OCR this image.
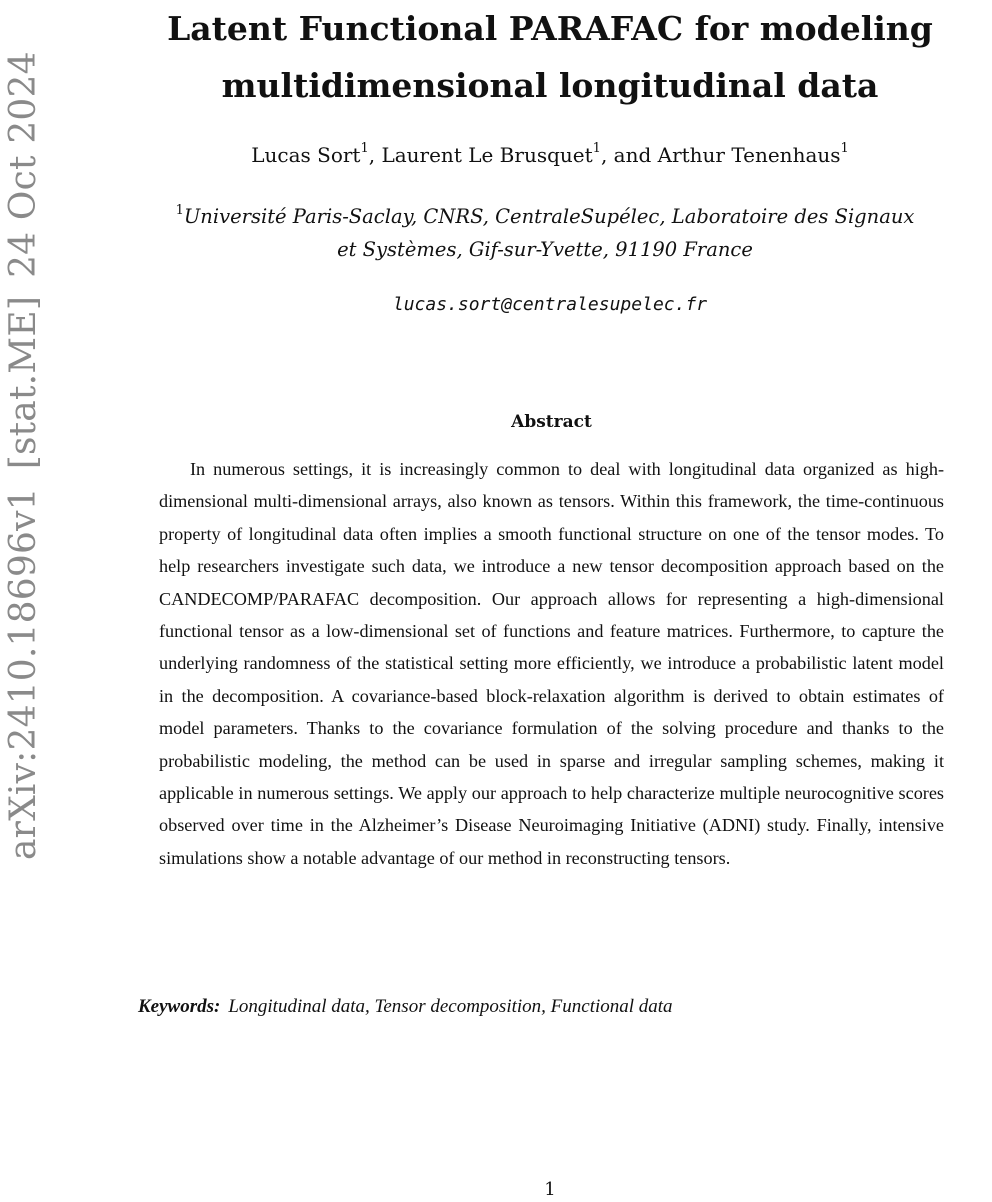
arXiv:2410.18696v1[stat.ME]24 Oct 2024
Latent Functional PARAFAC for modeling
multidimensional longitudinal data
Lucas Sort$^1$, Laurent Le Brusquet$^1$, and Arthur Tenenhaus$^1$
$^1$Université Paris-Saclay, CNRS, CentraleSupélec, Laboratoire des Signaux
et Systèmes, Gif-sur-Yvette, 91190 France
lucas.sort@centralesupelec.fr
Abstract

In numerous settings, it is increasingly common to deal with longitudinal data organized as high-dimensional multi-dimensional arrays, also known as tensors. Within this framework, the time-continuous property of longitudinal data often implies a smooth functional structure on one of the tensor modes. To help researchers investigate such data, we introduce a new tensor decomposition approach based on the CANDECOMP/PARAFAC decomposition. Our approach allows for representing a high-dimensional functional tensor as a low-dimensional set of functions and feature matrices. Furthermore, to capture the underlying randomness of the statistical setting more efficiently, we introduce a probabilistic latent model in the decomposition. A covariance-based block-relaxation algorithm is derived to obtain estimates of model parameters. Thanks to the covariance formulation of the solving procedure and thanks to the probabilistic modeling, the method can be used in sparse and irregular sampling schemes, making it applicable in numerous settings. We apply our approach to help characterize multiple neurocognitive scores observed over time in the Alzheimer’s Disease Neuroimaging Initiative (ADNI) study. Finally, intensive simulations show a notable advantage of our method in reconstructing tensors.

Keywords: Longitudinal data, Tensor decomposition, Functional data
1
